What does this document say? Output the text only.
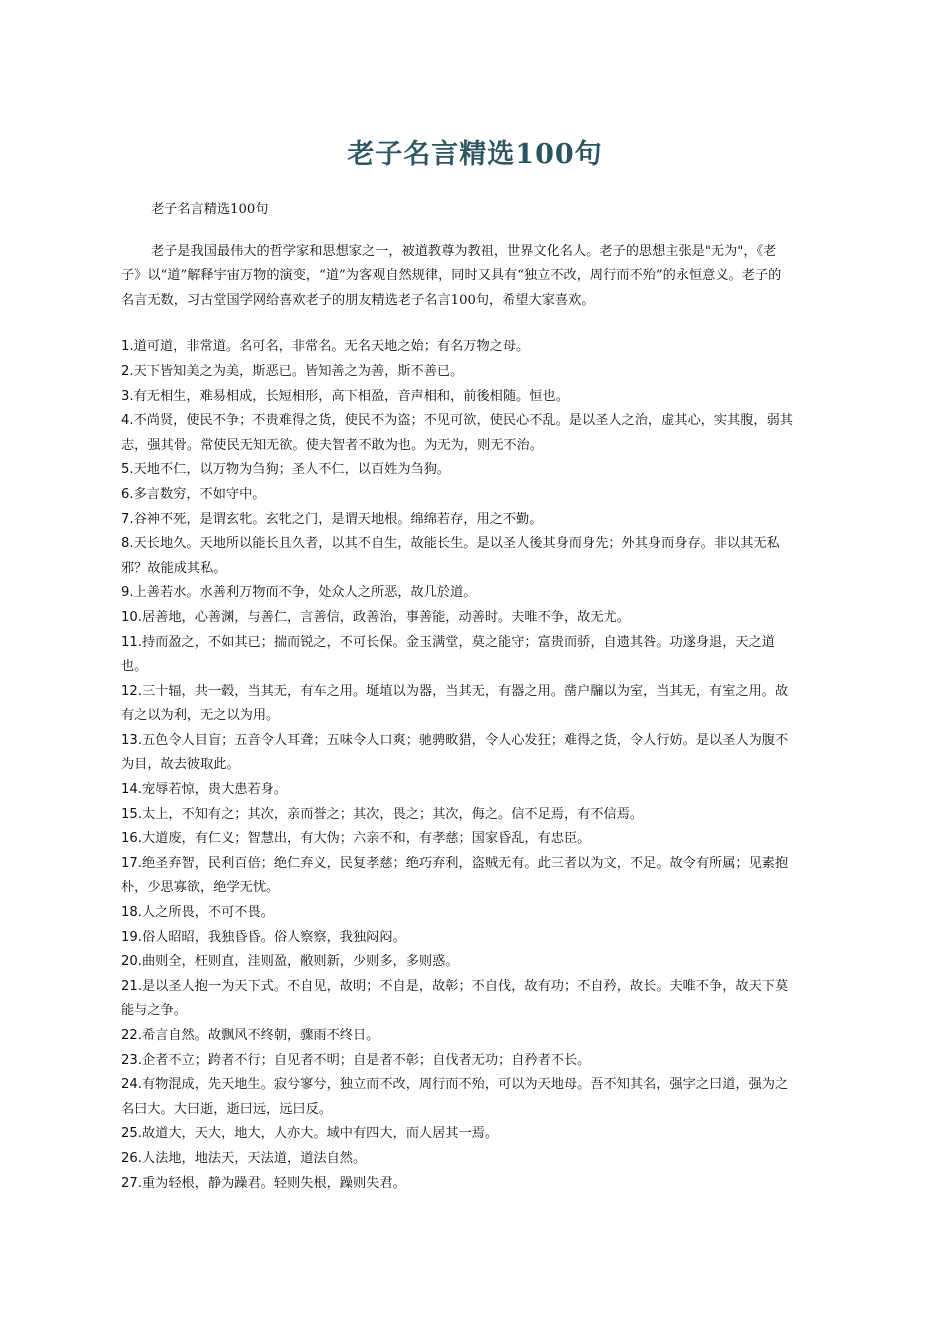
老子名言精选100句

老子名言精选100句

老子是我国最伟大的哲学家和思想家之一，被道教尊为教祖，世界文化名人。老子的思想主张是"无为"，《老子》以“道”解释宇宙万物的演变，“道”为客观自然规律，同时又具有“独立不改，周行而不殆”的永恒意义。老子的名言无数，习古堂国学网给喜欢老子的朋友精选老子名言100句，希望大家喜欢。

1.道可道，非常道。名可名，非常名。无名天地之始；有名万物之母。
2.天下皆知美之为美，斯恶已。皆知善之为善，斯不善已。
3.有无相生，难易相成，长短相形，高下相盈，音声相和，前後相随。恒也。
4.不尚贤，使民不争；不贵难得之货，使民不为盗；不见可欲，使民心不乱。是以圣人之治，虚其心，实其腹，弱其志，强其骨。常使民无知无欲。使夫智者不敢为也。为无为，则无不治。
5.天地不仁，以万物为刍狗；圣人不仁，以百姓为刍狗。
6.多言数穷，不如守中。
7.谷神不死，是谓玄牝。玄牝之门，是谓天地根。绵绵若存，用之不勤。
8.天长地久。天地所以能长且久者，以其不自生，故能长生。是以圣人後其身而身先；外其身而身存。非以其无私邪？故能成其私。
9.上善若水。水善利万物而不争，处众人之所恶，故几於道。
10.居善地，心善渊，与善仁，言善信，政善治，事善能，动善时。夫唯不争，故无尤。
11.持而盈之，不如其已；揣而锐之，不可长保。金玉满堂，莫之能守；富贵而骄，自遗其咎。功遂身退，天之道也。
12.三十辐，共一毂，当其无，有车之用。埏埴以为器，当其无，有器之用。凿户牖以为室，当其无，有室之用。故有之以为利，无之以为用。
13.五色令人目盲；五音令人耳聋；五味令人口爽；驰骋畋猎，令人心发狂；难得之货，令人行妨。是以圣人为腹不为目，故去彼取此。
14.宠辱若惊，贵大患若身。
15.太上，不知有之；其次，亲而誉之；其次，畏之；其次，侮之。信不足焉，有不信焉。
16.大道废，有仁义；智慧出，有大伪；六亲不和，有孝慈；国家昏乱，有忠臣。
17.绝圣弃智，民利百倍；绝仁弃义，民复孝慈；绝巧弃利，盗贼无有。此三者以为文，不足。故令有所属；见素抱朴，少思寡欲，绝学无忧。
18.人之所畏，不可不畏。
19.俗人昭昭，我独昏昏。俗人察察，我独闷闷。
20.曲则全，枉则直，洼则盈，敝则新，少则多，多则惑。
21.是以圣人抱一为天下式。不自见，故明；不自是，故彰；不自伐，故有功；不自矜，故长。夫唯不争，故天下莫能与之争。
22.希言自然。故飘风不终朝，骤雨不终日。
23.企者不立；跨者不行；自见者不明；自是者不彰；自伐者无功；自矜者不长。
24.有物混成，先天地生。寂兮寥兮，独立而不改，周行而不殆，可以为天地母。吾不知其名，强字之曰道，强为之名曰大。大曰逝，逝曰远，远曰反。
25.故道大，天大，地大，人亦大。域中有四大，而人居其一焉。
26.人法地，地法天，天法道，道法自然。
27.重为轻根，静为躁君。轻则失根，躁则失君。
